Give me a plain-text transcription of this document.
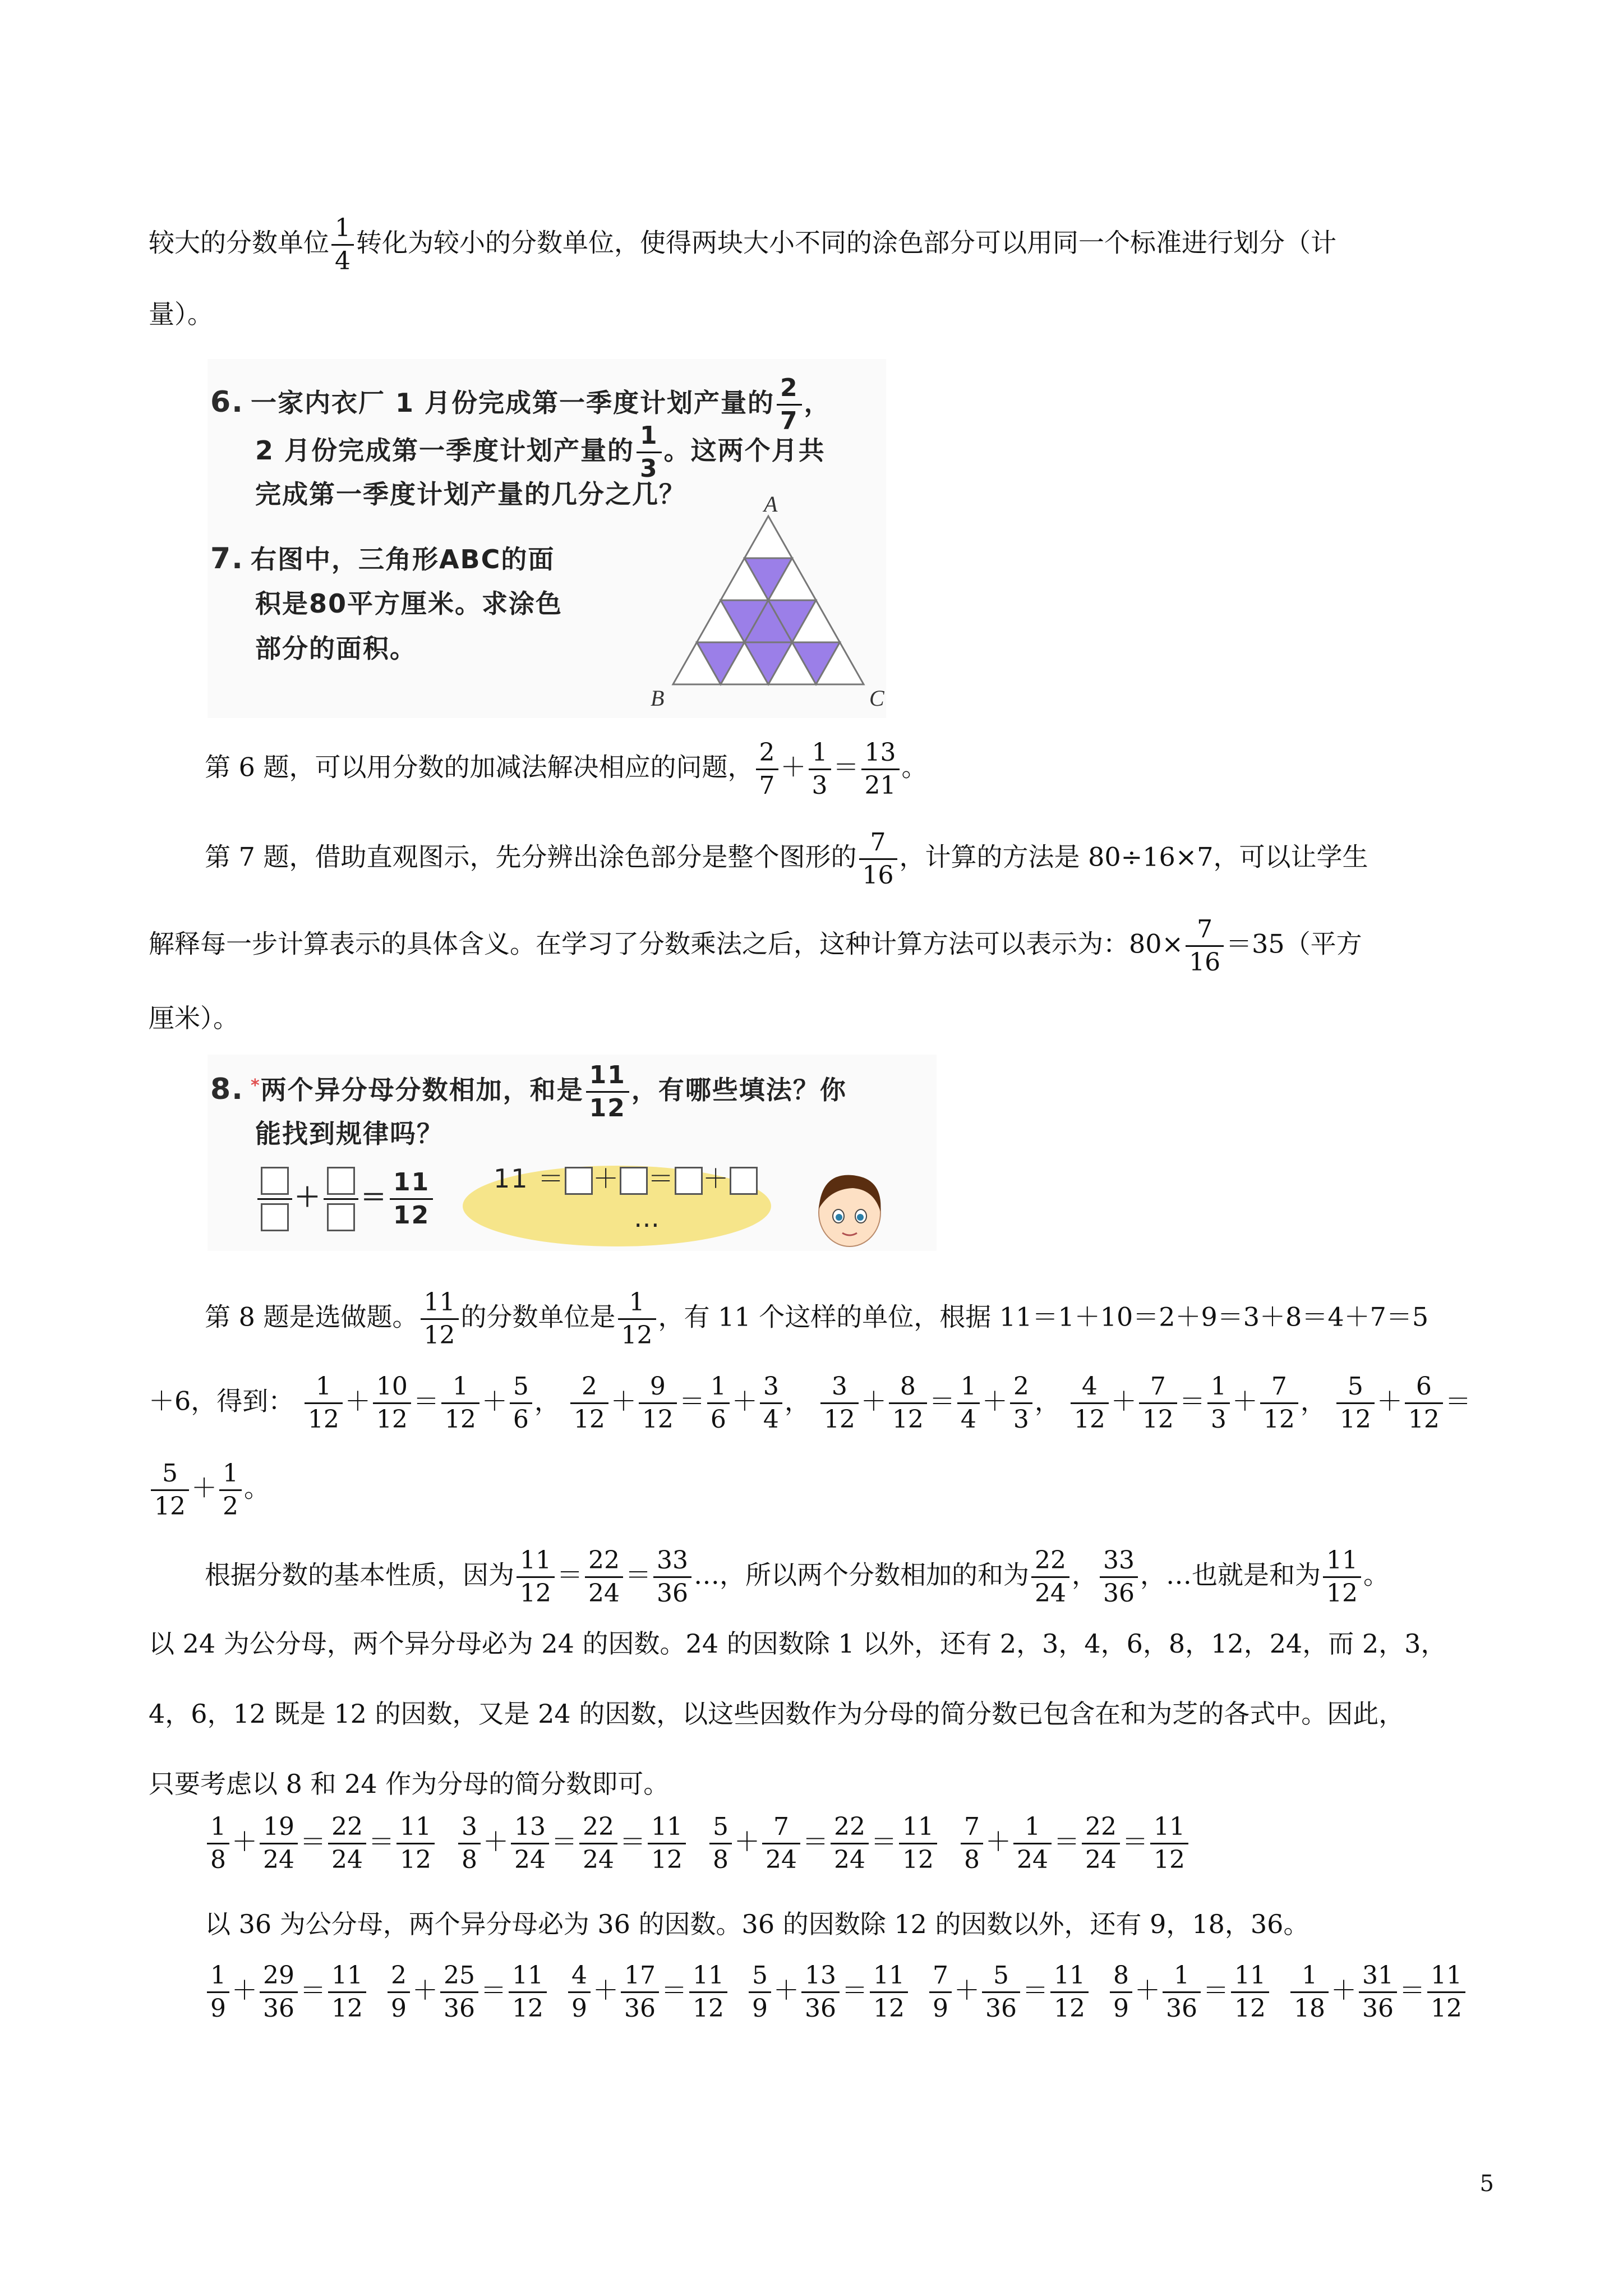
较大的分数单位 $\frac{1}{4}$ 转化为较小的分数单位，使得两块大小不同的涂色部分可以用同一个标准进行划分（计
量）。
6. 一家内衣厂 1 月份完成第一季度计划产量的 $\frac{2}{7}$ ，
2 月份完成第一季度计划产量的 $\frac{1}{3}$ 。这两个月共
完成第一季度计划产量的几分之几？
7. 右图中，三角形ABC的面
积是80平方厘米。求涂色
部分的面积。
A
B	C
第 6 题，可以用分数的加减法解决相应的问题， $\frac{2}{7} + \frac{1}{3} = \frac{13}{21}$ 。
第 7 题，借助直观图示，先分辨出涂色部分是整个图形的 $\frac{7}{16}$ ，计算的方法是 80÷16×7，可以让学生
解释每一步计算表示的具体含义。在学习了分数乘法之后，这种计算方法可以表示为：$80\times \frac{7}{16} =35$（平方
厘米）。
8. *两个异分母分数相加，和是 $\frac{11}{12}$ ，有哪些填法？你
能找到规律吗？
＋ ＝ $\frac{11}{12} 11$ ＝ ＋ ＝ ＋
…
第 8 题是选做题。 $\frac{11}{12}$ 的分数单位是 $\frac{1}{12}$ ，有 11 个这样的单位，根据 11＝1＋10＝2＋9＝3＋8＝4＋7＝5
＋6，得到： $\frac{1}{12} + \frac{10}{12} = \frac{1}{12} + \frac{5}{6}$ ， $\frac{2}{12} + \frac{9}{12} = \frac{1}{6} + \frac{3}{4}$ ， $\frac{3}{12} + \frac{8}{12} = \frac{1}{4} + \frac{2}{3}$ ， $\frac{4}{12} + \frac{7}{12} = \frac{1}{3} + \frac{7}{12}$ ， $\frac{5}{12} + \frac{6}{12}$ ＝
$\frac{5}{12} + \frac{1}{2}$ 。
根据分数的基本性质，因为 $\frac{11}{12} = \frac{22}{24} = \frac{33}{36}$ …，所以两个分数相加的和为 $\frac{22}{24}$ ， $\frac{33}{36}$ ，…也就是和为 $\frac{11}{12}$ 。
以 24 为公分母，两个异分母必为 24 的因数。24 的因数除 1 以外，还有 2，3，4，6，8，12，24，而 2，3，
4，6，12 既是 12 的因数，又是 24 的因数，以这些因数作为分母的简分数已包含在和为芝的各式中。因此，
只要考虑以 8 和 24 作为分母的简分数即可。
$\frac{1}{8} + \frac{19}{24} = \frac{22}{24} = \frac{11}{12} \frac{3}{8} + \frac{13}{24} = \frac{22}{24} = \frac{11}{12} \frac{5}{8} + \frac{7}{24} = \frac{22}{24} = \frac{11}{12} \frac{7}{8} + \frac{1}{24} = \frac{22}{24} = \frac{11}{12}$
以 36 为公分母，两个异分母必为 36 的因数。36 的因数除 12 的因数以外，还有 9，18，36。
$\frac{1}{9} + \frac{29}{36} = \frac{11}{12} \frac{2}{9} + \frac{25}{36} = \frac{11}{12} \frac{4}{9} + \frac{17}{36} = \frac{11}{12} \frac{5}{9} + \frac{13}{36} = \frac{11}{12} \frac{7}{9} + \frac{5}{36} = \frac{11}{12} \frac{8}{9} + \frac{1}{36} = \frac{11}{12} \frac{1}{18} + \frac{31}{36} = \frac{11}{12}$
5
